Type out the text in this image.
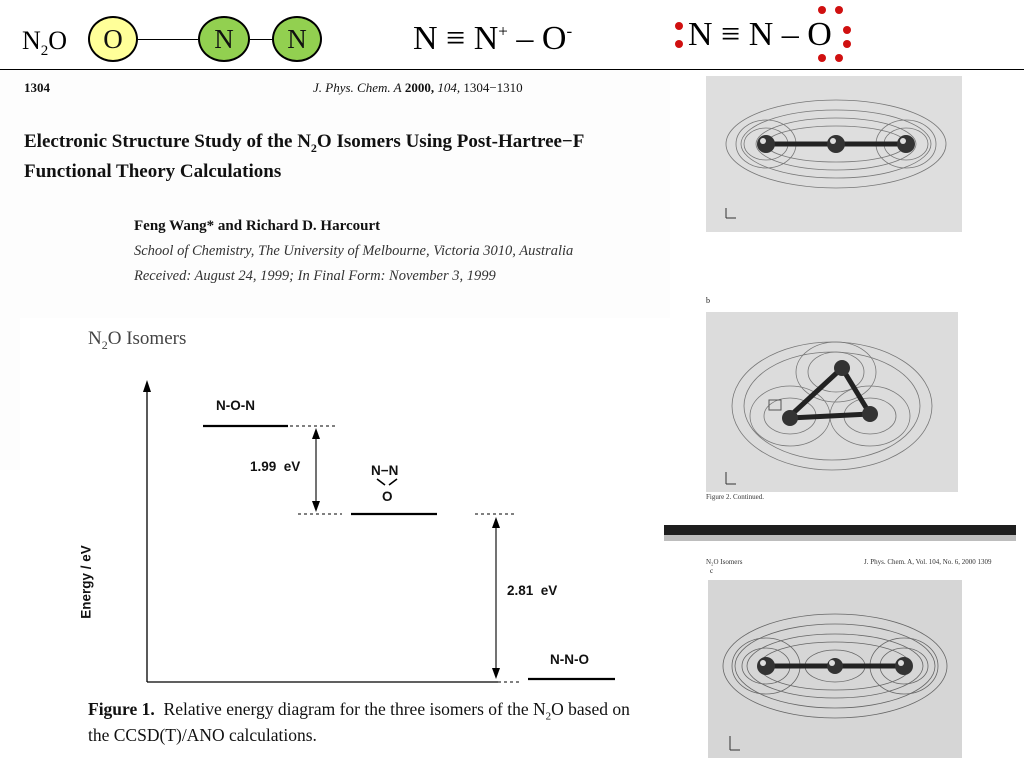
$N_2O$ O	N N	N ≡ N+ – O-	N ≡ N – O
1304	J. Phys. Chem. A 2000, 104, 1304−1310
Electronic Structure Study of the $N_2O$ Isomers Using Post-Hartree−F
Functional Theory Calculations
Feng Wang* and Richard D. Harcourt
School of Chemistry, The University of Melbourne, Victoria 3010, Australia
Received: August 24, 1999; In Final Form: November 3, 1999
$N_2O$ Isomers
Energy / eV
N-O-N
N−N
O
N-N-O
1.99  eV
2.81  eV
Figure 1.  Relative energy diagram for the three isomers of the $N_2O$ based on the CCSD(T)/ANO calculations.
b
Figure 2. Continued.
N₂O Isomers	J. Phys. Chem. A, Vol. 104, No. 6, 2000 1309
c
